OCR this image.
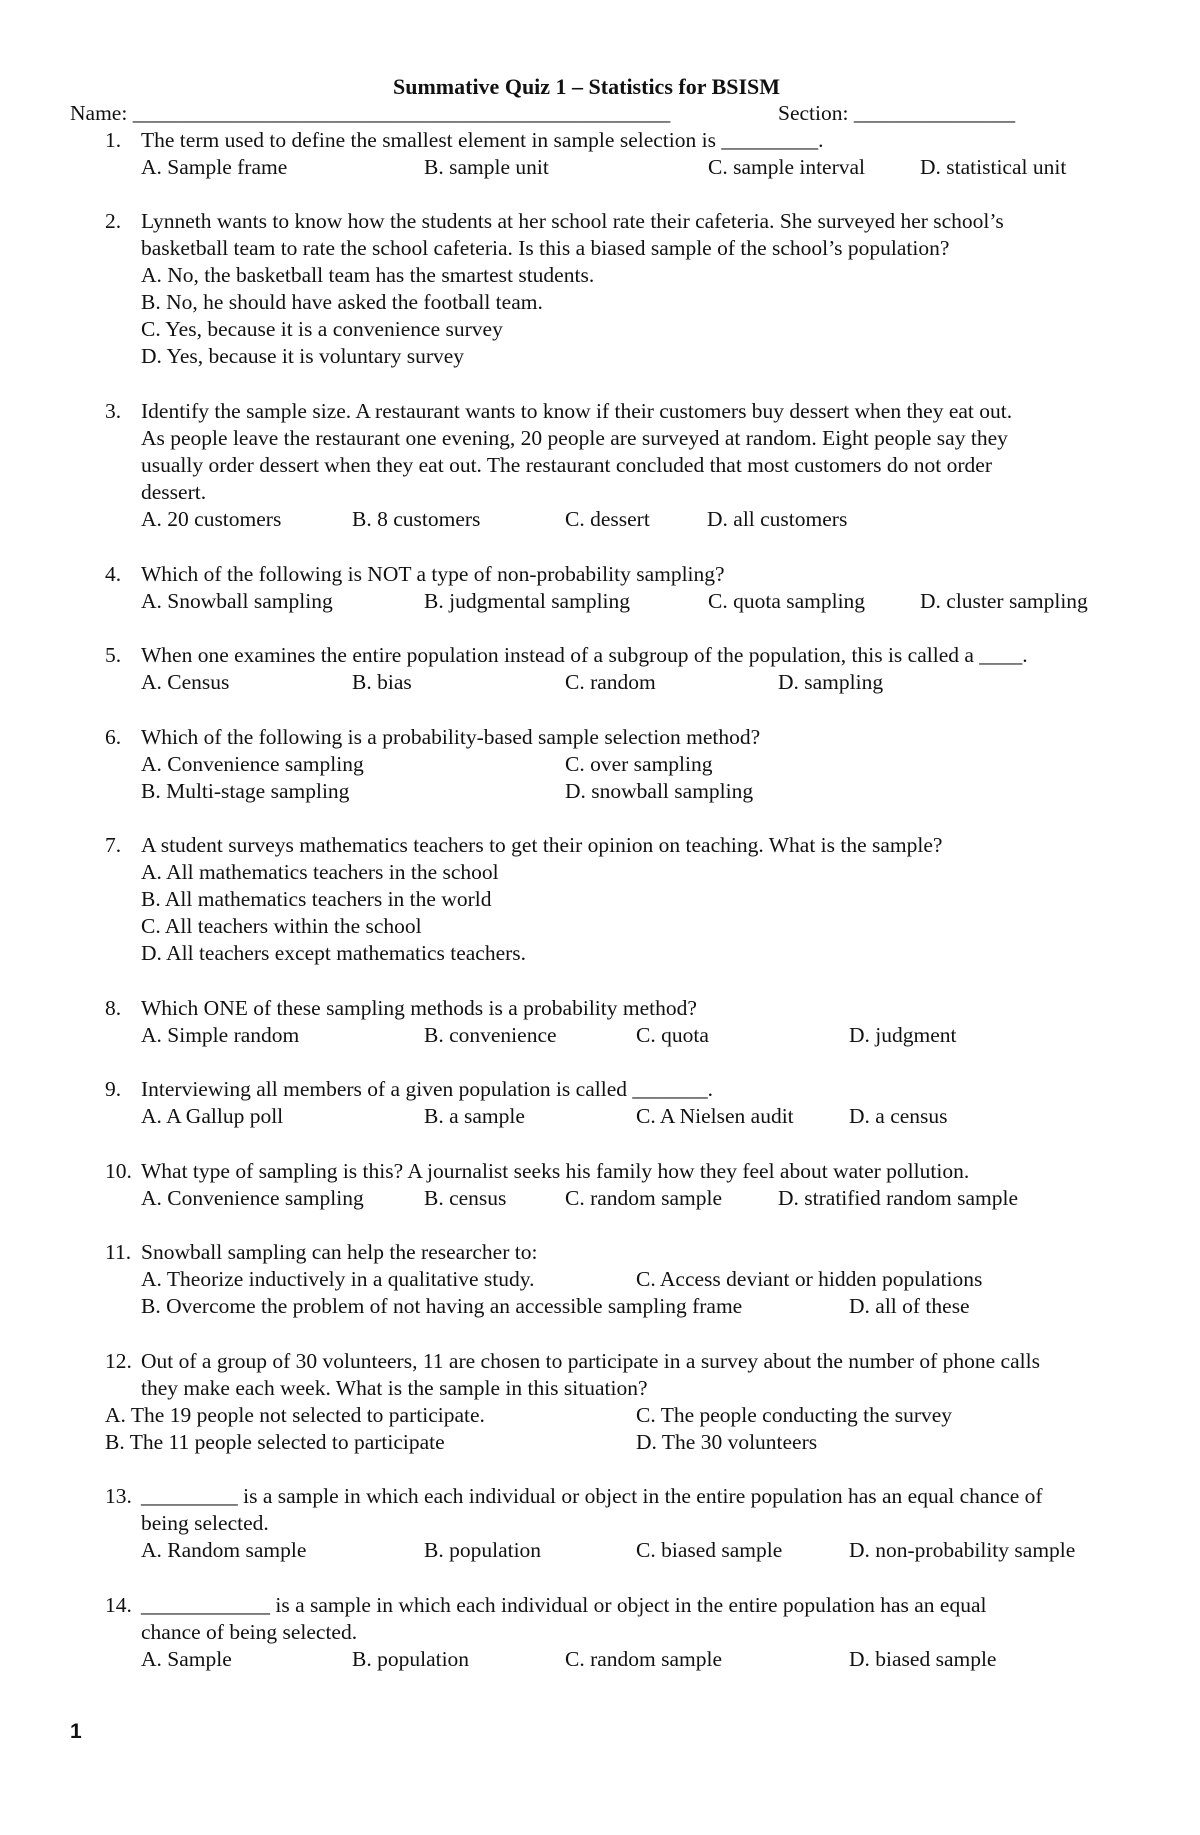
Summative Quiz 1 – Statistics for BSISM
Name: __________________________________________________	Section: _______________
1. The term used to define the smallest element in sample selection is _________.
A. Sample frame	B. sample unit	C. sample interval	D. statistical unit
2. Lynneth wants to know how the students at her school rate their cafeteria. She surveyed her school’s
basketball team to rate the school cafeteria. Is this a biased sample of the school’s population?
A. No, the basketball team has the smartest students.
B. No, he should have asked the football team.
C. Yes, because it is a convenience survey
D. Yes, because it is voluntary survey
3. Identify the sample size. A restaurant wants to know if their customers buy dessert when they eat out.
As people leave the restaurant one evening, 20 people are surveyed at random. Eight people say they
usually order dessert when they eat out. The restaurant concluded that most customers do not order
dessert.
A. 20 customers	B. 8 customers	C. dessert	D. all customers
4. Which of the following is NOT a type of non-probability sampling?
A. Snowball sampling	B. judgmental sampling	C. quota sampling	D. cluster sampling
5. When one examines the entire population instead of a subgroup of the population, this is called a ____.
A. Census	B. bias	C. random	D. sampling
6. Which of the following is a probability-based sample selection method?
A. Convenience sampling	C. over sampling
B. Multi-stage sampling	D. snowball sampling
7. A student surveys mathematics teachers to get their opinion on teaching. What is the sample?
A. All mathematics teachers in the school
B. All mathematics teachers in the world
C. All teachers within the school
D. All teachers except mathematics teachers.
8. Which ONE of these sampling methods is a probability method?
A. Simple random	B. convenience	C. quota	D. judgment
9. Interviewing all members of a given population is called _______.
A. A Gallup poll	B. a sample	C. A Nielsen audit	D. a census
10. What type of sampling is this? A journalist seeks his family how they feel about water pollution.
A. Convenience sampling	B. census	C. random sample	D. stratified random sample
11. Snowball sampling can help the researcher to:
A. Theorize inductively in a qualitative study.	C. Access deviant or hidden populations
B. Overcome the problem of not having an accessible sampling frame	D. all of these
12. Out of a group of 30 volunteers, 11 are chosen to participate in a survey about the number of phone calls
they make each week. What is the sample in this situation?
A. The 19 people not selected to participate.	C. The people conducting the survey
B. The 11 people selected to participate	D. The 30 volunteers
13. _________ is a sample in which each individual or object in the entire population has an equal chance of
being selected.
A. Random sample	B. population	C. biased sample	D. non-probability sample
14. ____________ is a sample in which each individual or object in the entire population has an equal
chance of being selected.
A. Sample	B. population	C. random sample	D. biased sample
1
